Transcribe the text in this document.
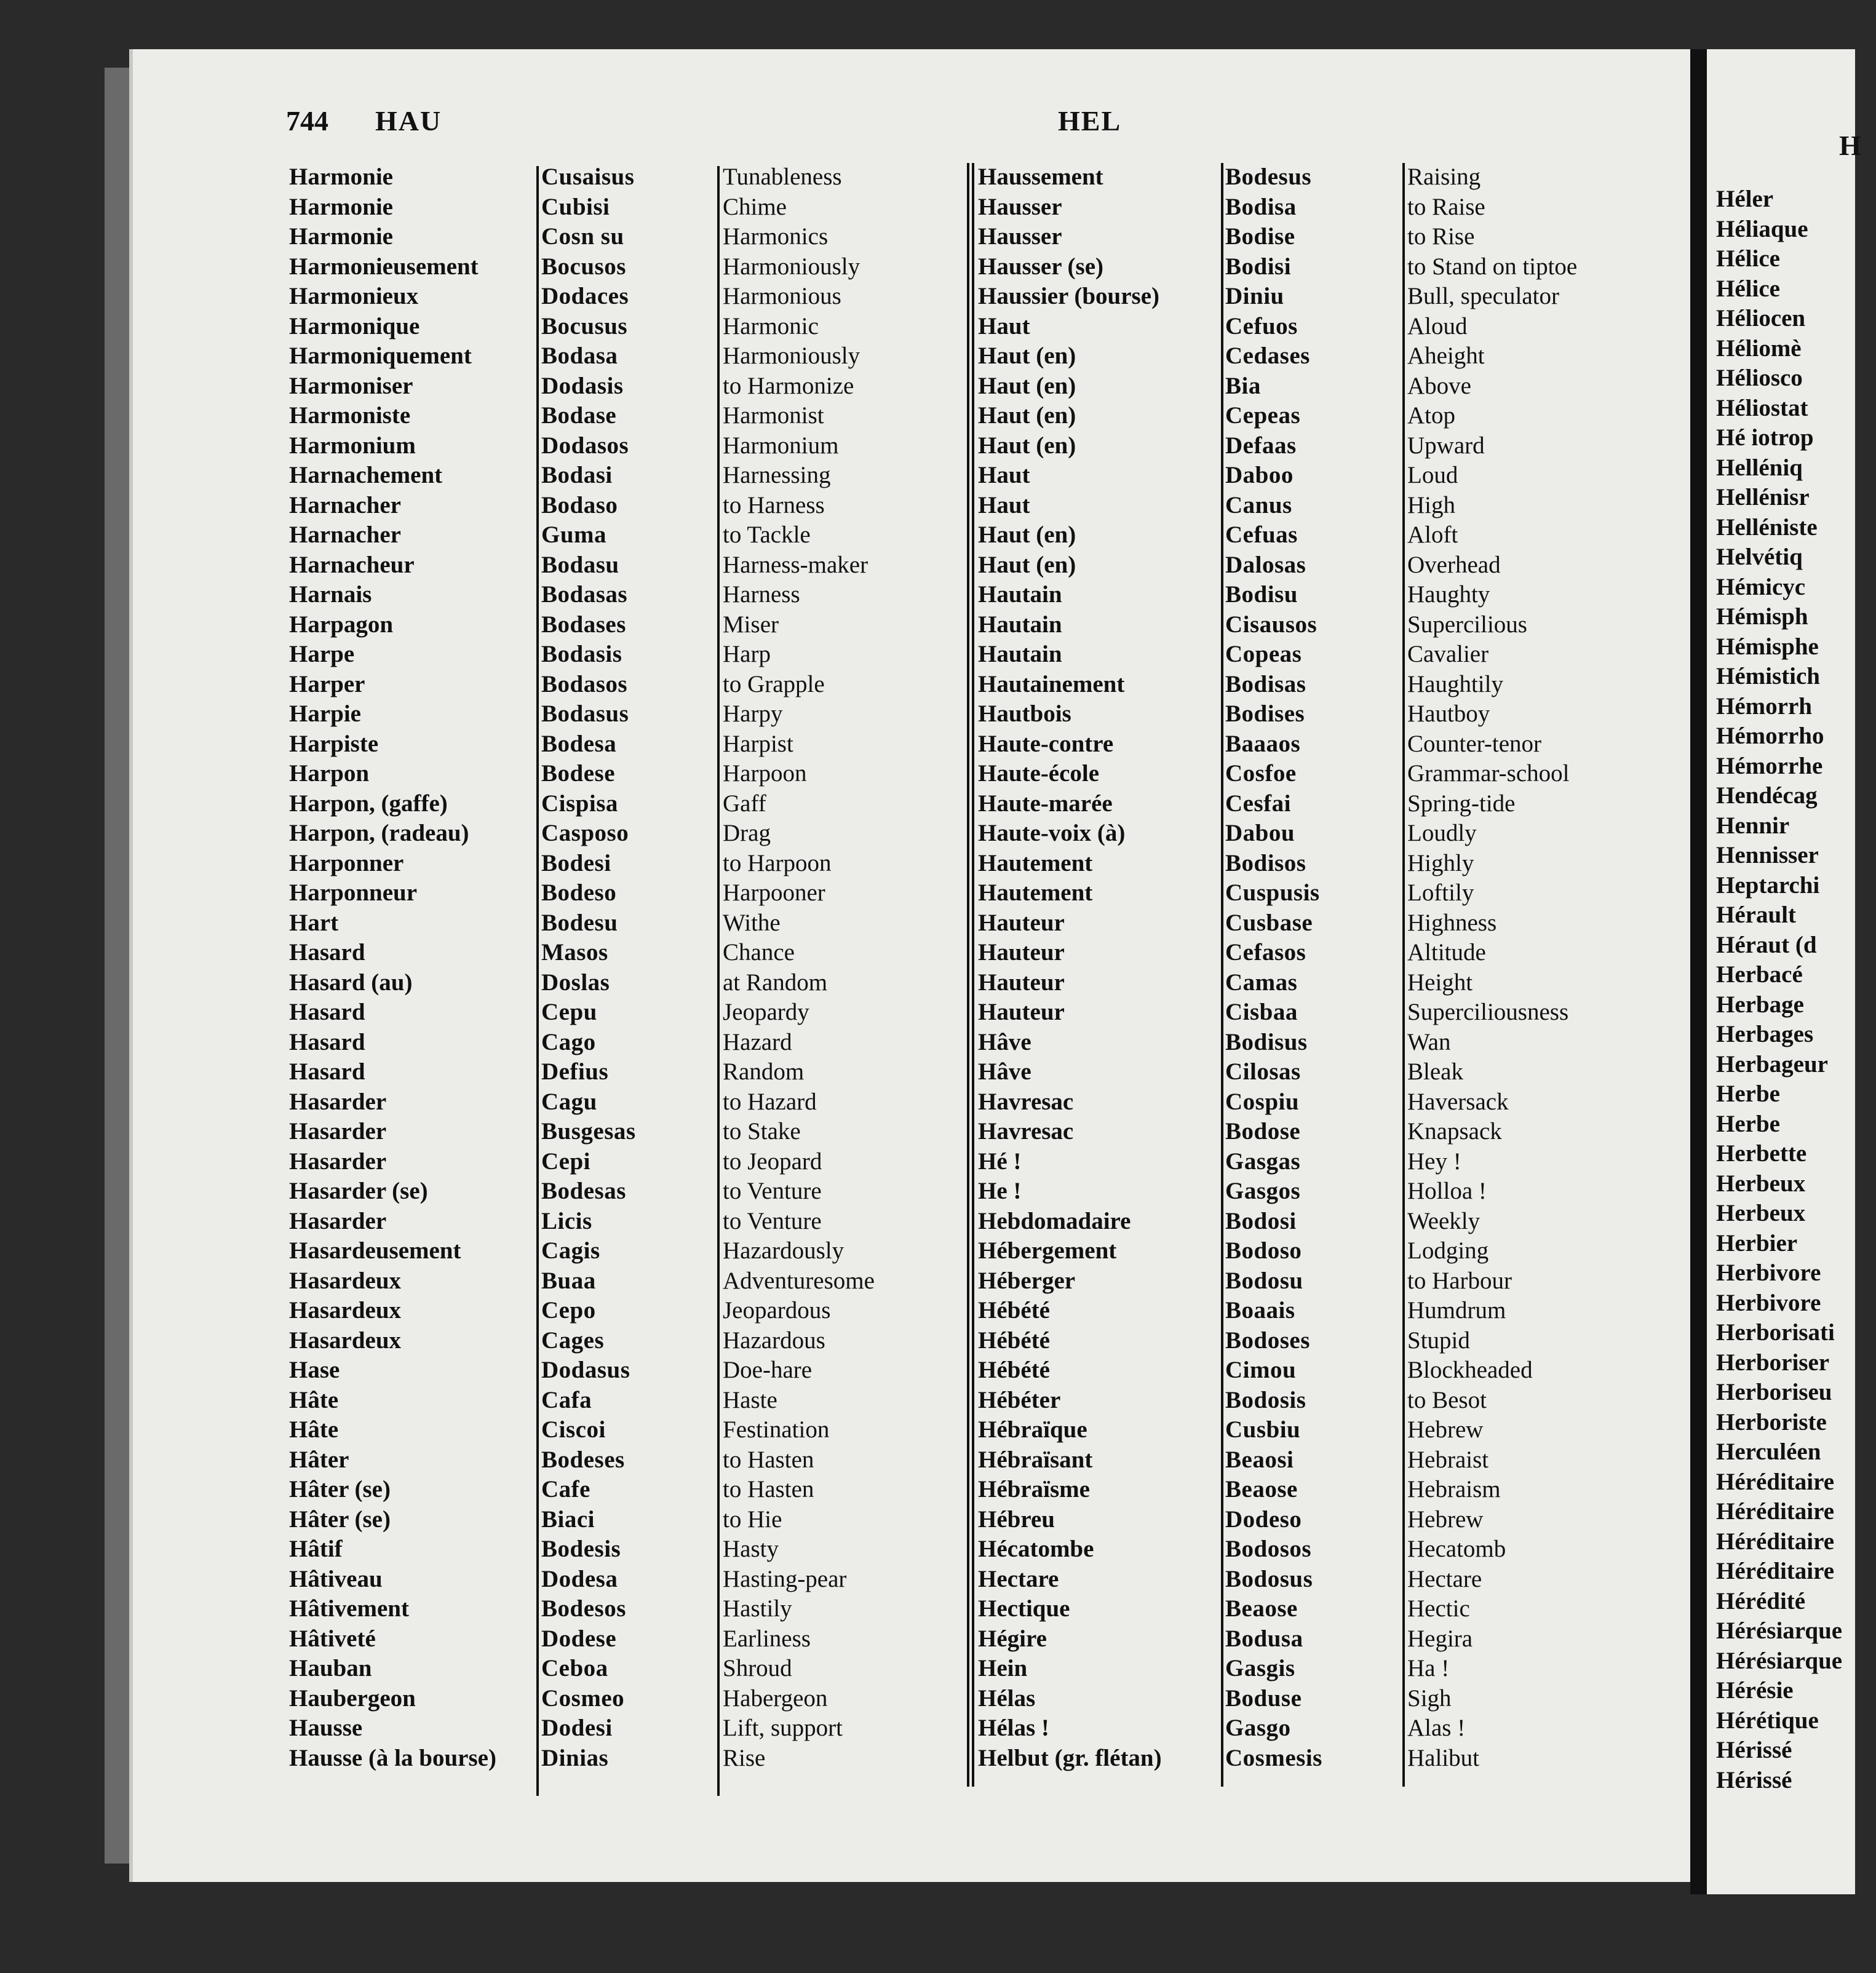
744 HAU	HEL
H
Harmonie
Harmonie
Harmonie
Harmonieusement
Harmonieux
Harmonique
Harmoniquement
Harmoniser
Harmoniste
Harmonium
Harnachement
Harnacher
Harnacher
Harnacheur
Harnais
Harpagon
Harpe
Harper
Harpie
Harpiste
Harpon
Harpon, (gaffe)
Harpon, (radeau)
Harponner
Harponneur
Hart
Hasard
Hasard (au)
Hasard
Hasard
Hasard
Hasarder
Hasarder
Hasarder
Hasarder (se)
Hasarder
Hasardeusement
Hasardeux
Hasardeux
Hasardeux
Hase
Hâte
Hâte
Hâter
Hâter (se)
Hâter (se)
Hâtif
Hâtiveau
Hâtivement
Hâtiveté
Hauban
Haubergeon
Hausse
Hausse (à la bourse)
Cusaisus
Cubisi
Cosn su
Bocusos
Dodaces
Bocusus
Bodasa
Dodasis
Bodase
Dodasos
Bodasi
Bodaso
Guma
Bodasu
Bodasas
Bodases
Bodasis
Bodasos
Bodasus
Bodesa
Bodese
Cispisa
Casposo
Bodesi
Bodeso
Bodesu
Masos
Doslas
Cepu
Cago
Defius
Cagu
Busgesas
Cepi
Bodesas
Licis
Cagis
Buaa
Cepo
Cages
Dodasus
Cafa
Ciscoi
Bodeses
Cafe
Biaci
Bodesis
Dodesa
Bodesos
Dodese
Ceboa
Cosmeo
Dodesi
Dinias
Tunableness
Chime
Harmonics
Harmoniously
Harmonious
Harmonic
Harmoniously
to Harmonize
Harmonist
Harmonium
Harnessing
to Harness
to Tackle
Harness-maker
Harness
Miser
Harp
to Grapple
Harpy
Harpist
Harpoon
Gaff
Drag
to Harpoon
Harpooner
Withe
Chance
at Random
Jeopardy
Hazard
Random
to Hazard
to Stake
to Jeopard
to Venture
to Venture
Hazardously
Adventuresome
Jeopardous
Hazardous
Doe-hare
Haste
Festination
to Hasten
to Hasten
to Hie
Hasty
Hasting-pear
Hastily
Earliness
Shroud
Habergeon
Lift, support
Rise
Haussement
Hausser
Hausser
Hausser (se)
Haussier (bourse)
Haut
Haut (en)
Haut (en)
Haut (en)
Haut (en)
Haut
Haut
Haut (en)
Haut (en)
Hautain
Hautain
Hautain
Hautainement
Hautbois
Haute-contre
Haute-école
Haute-marée
Haute-voix (à)
Hautement
Hautement
Hauteur
Hauteur
Hauteur
Hauteur
Hâve
Hâve
Havresac
Havresac
Hé !
He !
Hebdomadaire
Hébergement
Héberger
Hébété
Hébété
Hébété
Hébéter
Hébraïque
Hébraïsant
Hébraïsme
Hébreu
Hécatombe
Hectare
Hectique
Hégire
Hein
Hélas
Hélas !
Helbut (gr. flétan)
Bodesus
Bodisa
Bodise
Bodisi
Diniu
Cefuos
Cedases
Bia
Cepeas
Defaas
Daboo
Canus
Cefuas
Dalosas
Bodisu
Cisausos
Copeas
Bodisas
Bodises
Baaaos
Cosfoe
Cesfai
Dabou
Bodisos
Cuspusis
Cusbase
Cefasos
Camas
Cisbaa
Bodisus
Cilosas
Cospiu
Bodose
Gasgas
Gasgos
Bodosi
Bodoso
Bodosu
Boaais
Bodoses
Cimou
Bodosis
Cusbiu
Beaosi
Beaose
Dodeso
Bodosos
Bodosus
Beaose
Bodusa
Gasgis
Boduse
Gasgo
Cosmesis
Raising
to Raise
to Rise
to Stand on tiptoe
Bull, speculator
Aloud
Aheight
Above
Atop
Upward
Loud
High
Aloft
Overhead
Haughty
Supercilious
Cavalier
Haughtily
Hautboy
Counter-tenor
Grammar-school
Spring-tide
Loudly
Highly
Loftily
Highness
Altitude
Height
Superciliousness
Wan
Bleak
Haversack
Knapsack
Hey !
Holloa !
Weekly
Lodging
to Harbour
Humdrum
Stupid
Blockheaded
to Besot
Hebrew
Hebraist
Hebraism
Hebrew
Hecatomb
Hectare
Hectic
Hegira
Ha !
Sigh
Alas !
Halibut
Héler
Héliaque
Hélice
Hélice
Héliocen
Héliomè
Hélioscо
Héliostat
Hé iotrop
Helléniq
Hellénisr
Helléniste
Helvétiq
Hémicyc
Hémisph
Hémisphe
Hémistich
Hémorrh
Hémorrho
Hémorrhe
Hendécag
Hennir
Hennisser
Heptarchi
Hérault
Héraut (d
Herbacé
Herbage
Herbages
Herbageur
Herbe
Herbe
Herbette
Herbeux
Herbeux
Herbier
Herbivore
Herbivore
Herborisati
Herboriser
Herboriseu
Herboriste
Herculéen
Héréditaire
Héréditaire
Héréditaire
Héréditaire
Hérédité
Hérésiarque
Hérésiarque
Hérésie
Hérétique
Hérissé
Hérissé
